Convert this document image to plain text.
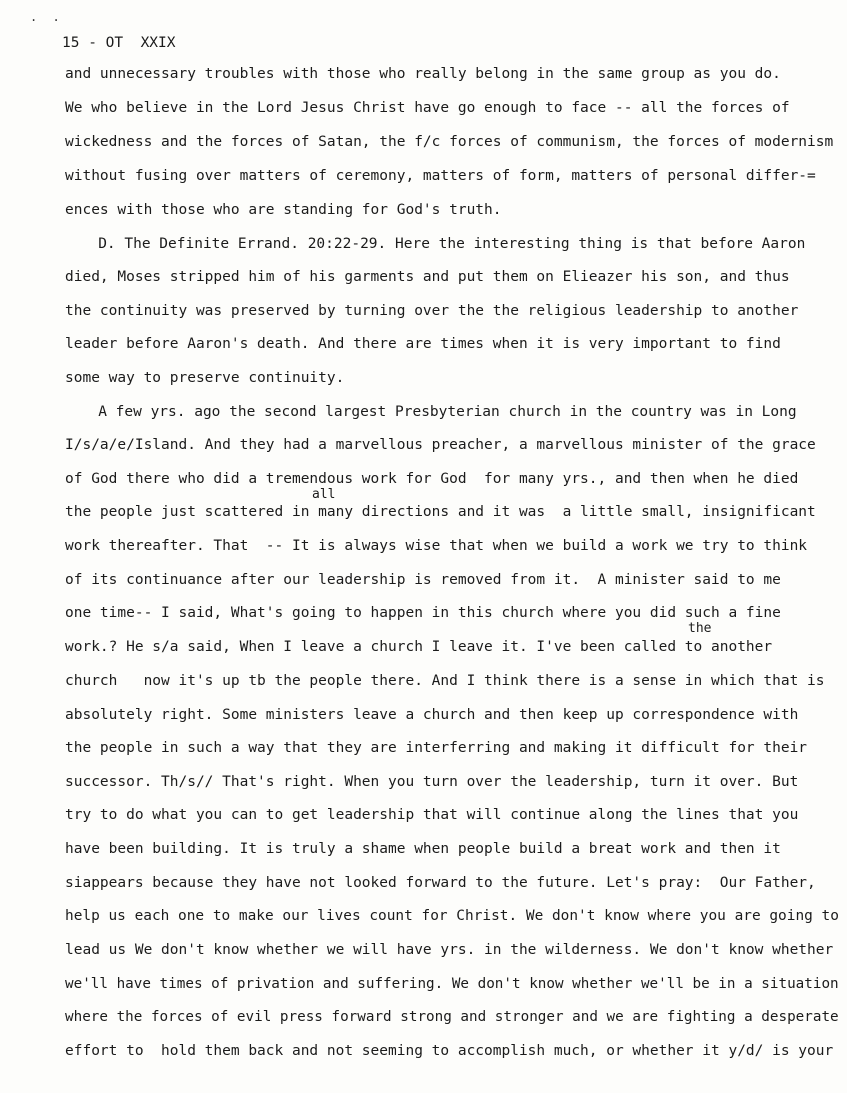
. .
15 - OT  XXIX
all
the
and unnecessary troubles with those who really belong in the same group as you do.
We who believe in the Lord Jesus Christ have go enough to face -- all the forces of
wickedness and the forces of Satan, the f/c forces of communism, the forces of modernism
without fusing over matters of ceremony, matters of form, matters of personal differ-=
ences with those who are standing for God's truth.
D. The Definite Errand. 20:22-29. Here the interesting thing is that before Aaron
died, Moses stripped him of his garments and put them on Elieazer his son, and thus
the continuity was preserved by turning over the the religious leadership to another
leader before Aaron's death. And there are times when it is very important to find
some way to preserve continuity.
A few yrs. ago the second largest Presbyterian church in the country was in Long
I/s/a/e/Island. And they had a marvellous preacher, a marvellous minister of the grace
of God there who did a tremendous work for God  for many yrs., and then when he died
the people just scattered in many directions and it was  a little small, insignificant
work thereafter. That  -- It is always wise that when we build a work we try to think
of its continuance after our leadership is removed from it.  A minister said to me
one time-- I said, What's going to happen in this church where you did such a fine
work.? He s/a said, When I leave a church I leave it. I've been called to another
church   now it's up tb the people there. And I think there is a sense in which that is
absolutely right. Some ministers leave a church and then keep up correspondence with
the people in such a way that they are interferring and making it difficult for their
successor. Th/s// That's right. When you turn over the leadership, turn it over. But
try to do what you can to get leadership that will continue along the lines that you
have been building. It is truly a shame when people build a breat work and then it
siappears because they have not looked forward to the future. Let's pray:  Our Father,
help us each one to make our lives count for Christ. We don't know where you are going to
lead us We don't know whether we will have yrs. in the wilderness. We don't know whether
we'll have times of privation and suffering. We don't know whether we'll be in a situation
where the forces of evil press forward strong and stronger and we are fighting a desperate
effort to  hold them back and not seeming to accomplish much, or whether it y/d/ is your
